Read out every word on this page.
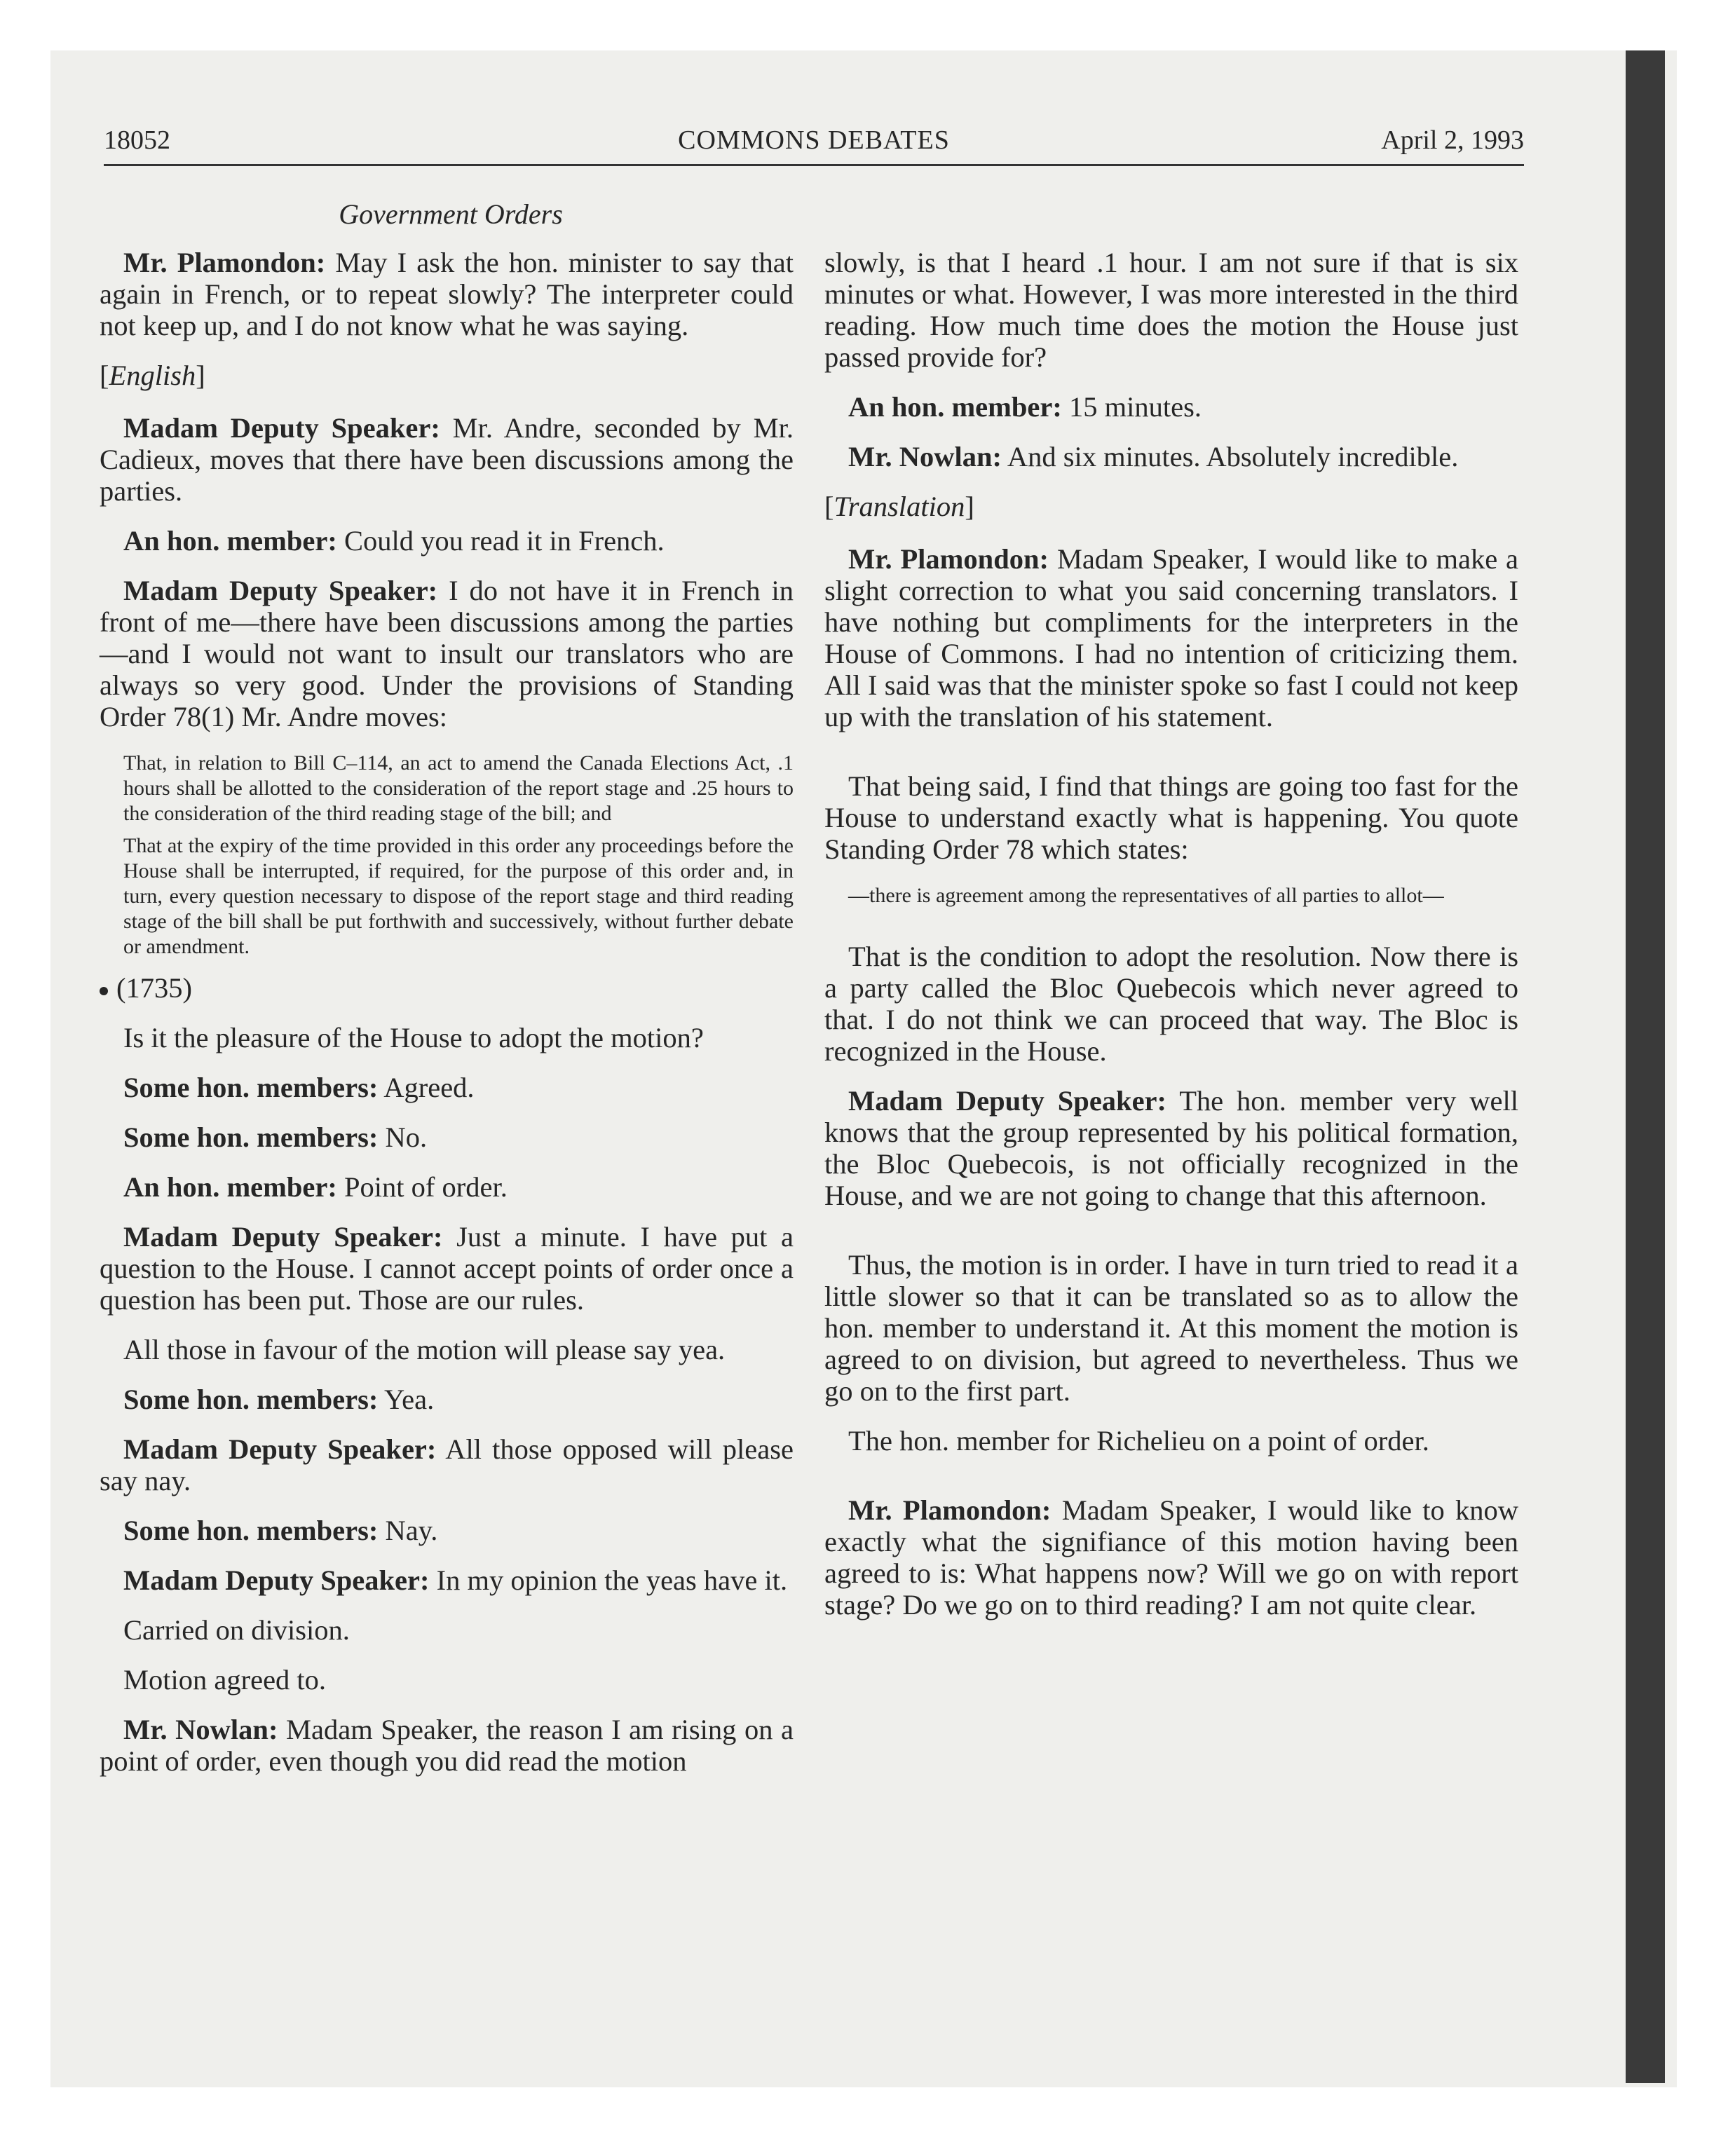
18052	COMMONS DEBATES	April 2, 1993
Government Orders

Mr. Plamondon: May I ask the hon. minister to say that again in French, or to repeat slowly? The interpreter could not keep up, and I do not know what he was saying.

[English]

Madam Deputy Speaker: Mr. Andre, seconded by Mr. Cadieux, moves that there have been discussions among the parties.

An hon. member: Could you read it in French.

Madam Deputy Speaker: I do not have it in French in front of me—there have been discussions among the parties—and I would not want to insult our translators who are always so very good. Under the provisions of Standing Order 78(1) Mr. Andre moves:

That, in relation to Bill C–114, an act to amend the Canada Elections Act, .1 hours shall be allotted to the consideration of the report stage and .25 hours to the consideration of the third reading stage of the bill; and

That at the expiry of the time provided in this order any proceedings before the House shall be interrupted, if required, for the purpose of this order and, in turn, every question necessary to dispose of the report stage and third reading stage of the bill shall be put forthwith and successively, without further debate or amendment.

(1735)

Is it the pleasure of the House to adopt the motion?

Some hon. members: Agreed.

Some hon. members: No.

An hon. member: Point of order.

Madam Deputy Speaker: Just a minute. I have put a question to the House. I cannot accept points of order once a question has been put. Those are our rules.

All those in favour of the motion will please say yea.

Some hon. members: Yea.

Madam Deputy Speaker: All those opposed will please say nay.

Some hon. members: Nay.

Madam Deputy Speaker: In my opinion the yeas have it.

Carried on division.

Motion agreed to.

Mr. Nowlan: Madam Speaker, the reason I am rising on a point of order, even though you did read the motion

slowly, is that I heard .1 hour. I am not sure if that is six minutes or what. However, I was more interested in the third reading. How much time does the motion the House just passed provide for?

An hon. member: 15 minutes.

Mr. Nowlan: And six minutes. Absolutely incredible.

[Translation]

Mr. Plamondon: Madam Speaker, I would like to make a slight correction to what you said concerning translators. I have nothing but compliments for the interpreters in the House of Commons. I had no intention of criticizing them. All I said was that the minister spoke so fast I could not keep up with the translation of his statement.

That being said, I find that things are going too fast for the House to understand exactly what is happening. You quote Standing Order 78 which states:

—there is agreement among the representatives of all parties to allot—

That is the condition to adopt the resolution. Now there is a party called the Bloc Quebecois which never agreed to that. I do not think we can proceed that way. The Bloc is recognized in the House.

Madam Deputy Speaker: The hon. member very well knows that the group represented by his political formation, the Bloc Quebecois, is not officially recognized in the House, and we are not going to change that this afternoon.

Thus, the motion is in order. I have in turn tried to read it a little slower so that it can be translated so as to allow the hon. member to understand it. At this moment the motion is agreed to on division, but agreed to nevertheless. Thus we go on to the first part.

The hon. member for Richelieu on a point of order.

Mr. Plamondon: Madam Speaker, I would like to know exactly what the signifiance of this motion having been agreed to is: What happens now? Will we go on with report stage? Do we go on to third reading? I am not quite clear.
